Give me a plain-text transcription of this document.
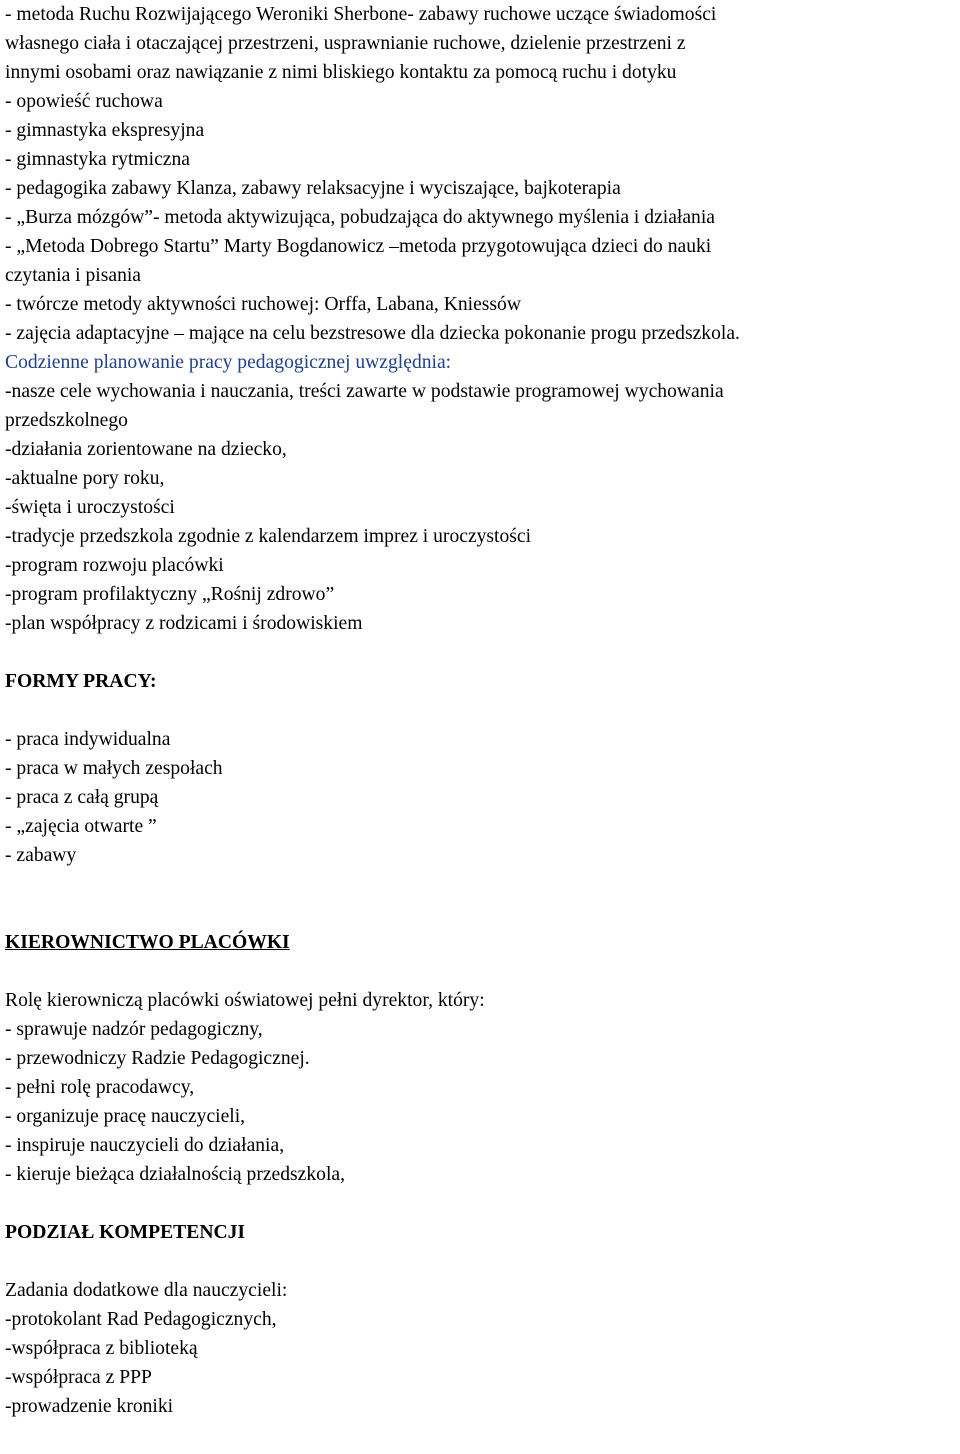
- metoda Ruchu Rozwijającego Weroniki Sherbone- zabawy ruchowe uczące świadomości
własnego ciała i otaczającej przestrzeni, usprawnianie ruchowe, dzielenie przestrzeni z
innymi osobami oraz nawiązanie z nimi bliskiego kontaktu za pomocą ruchu i dotyku
- opowieść ruchowa
- gimnastyka ekspresyjna
- gimnastyka rytmiczna
- pedagogika zabawy Klanza, zabawy relaksacyjne i wyciszające, bajkoterapia
- „Burza mózgów”- metoda aktywizująca, pobudzająca do aktywnego myślenia i działania
- „Metoda Dobrego Startu” Marty Bogdanowicz –metoda przygotowująca dzieci do nauki
czytania i pisania
- twórcze metody aktywności ruchowej: Orffa, Labana, Kniessów
- zajęcia adaptacyjne – mające na celu bezstresowe dla dziecka pokonanie progu przedszkola.
Codzienne planowanie pracy pedagogicznej uwzględnia:
-nasze cele wychowania i nauczania, treści zawarte w podstawie programowej wychowania
przedszkolnego
-działania zorientowane na dziecko,
-aktualne pory roku,
-święta i uroczystości
-tradycje przedszkola zgodnie z kalendarzem imprez i uroczystości
-program rozwoju placówki
-program profilaktyczny „Rośnij zdrowo”
-plan współpracy z rodzicami i środowiskiem
FORMY PRACY:
- praca indywidualna
- praca w małych zespołach
- praca z całą grupą
- „zajęcia otwarte ”
- zabawy
KIEROWNICTWO PLACÓWKI
Rolę kierowniczą placówki oświatowej pełni dyrektor, który:
- sprawuje nadzór pedagogiczny,
- przewodniczy Radzie Pedagogicznej.
- pełni rolę pracodawcy,
- organizuje pracę nauczycieli,
- inspiruje nauczycieli do działania,
- kieruje bieżąca działalnością przedszkola,
PODZIAŁ KOMPETENCJI
Zadania dodatkowe dla nauczycieli:
-protokolant Rad Pedagogicznych,
-współpraca z biblioteką
-współpraca z PPP
-prowadzenie kroniki
